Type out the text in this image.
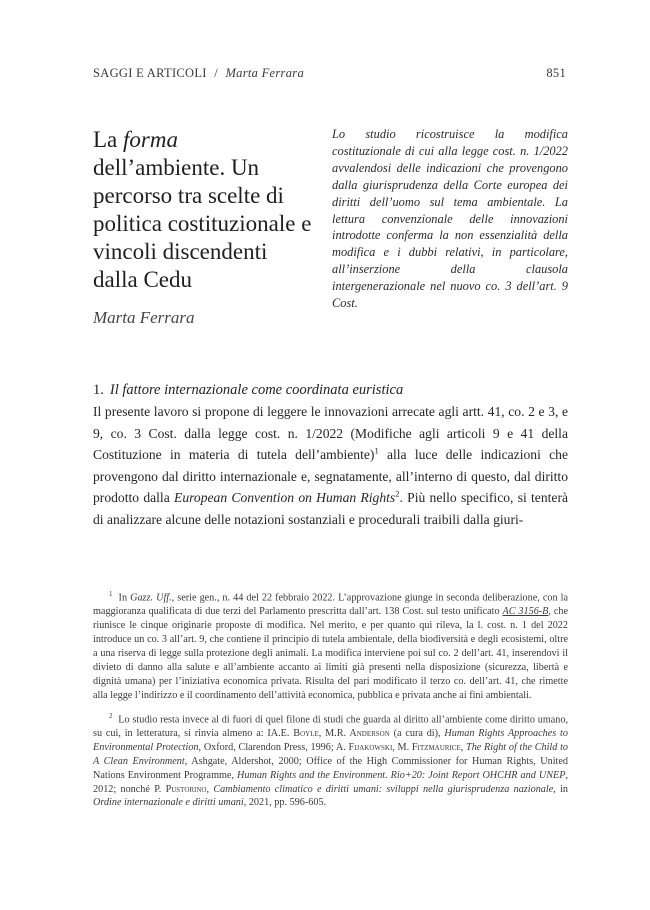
SAGGI E ARTICOLI / Marta Ferrara	851
La forma dell’ambiente. Un percorso tra scelte di politica costituzionale e vincoli discendenti dalla Cedu
Marta Ferrara
Lo studio ricostruisce la modifica costituzionale di cui alla legge cost. n. 1/2022 avvalendosi delle indicazioni che provengono dalla giurisprudenza della Corte europea dei diritti dell’uomo sul tema ambientale. La lettura convenzionale delle innovazioni introdotte conferma la non essenzialità della modifica e i dubbi relativi, in particolare, all’inserzione della clausola intergenerazionale nel nuovo co. 3 dell’art. 9 Cost.
1. Il fattore internazionale come coordinata euristica

Il presente lavoro si propone di leggere le innovazioni arrecate agli artt. 41, co. 2 e 3, e 9, co. 3 Cost. dalla legge cost. n. 1/2022 (Modifiche agli articoli 9 e 41 della Costituzione in materia di tutela dell’ambiente)$^1$ alla luce delle indicazioni che provengono dal diritto internazionale e, segnatamente, all’interno di questo, dal diritto prodotto dalla European Convention on Human Rights$^2$. Più nello specifico, si tenterà di analizzare alcune delle notazioni sostanziali e procedurali traibili dalla giuri-

$^1$ In Gazz. Uff., serie gen., n. 44 del 22 febbraio 2022. L’approvazione giunge in seconda deliberazione, con la maggioranza qualificata di due terzi del Parlamento prescritta dall’art. 138 Cost. sul testo unificato AC 3156-B, che riunisce le cinque originarie proposte di modifica. Nel merito, e per quanto qui rileva, la l. cost. n. 1 del 2022 introduce un co. 3 all’art. 9, che contiene il principio di tutela ambientale, della biodiversità e degli ecosistemi, oltre a una riserva di legge sulla protezione degli animali. La modifica interviene poi sul co. 2 dell’art. 41, inserendovi il divieto di danno alla salute e all’ambiente accanto ai limiti già presenti nella disposizione (sicurezza, libertà e dignità umana) per l’iniziativa economica privata. Risulta del pari modificato il terzo co. dell’art. 41, che rimette alla legge l’indirizzo e il coordinamento dell’attività economica, pubblica e privata anche ai fini ambientali.

$^2$ Lo studio resta invece al di fuori di quel filone di studi che guarda al diritto all’ambiente come diritto umano, su cui, in letteratura, si rinvia almeno a: IA.E. Boyle, M.R. Anderson (a cura di), Human Rights Approaches to Environmental Protection, Oxford, Clarendon Press, 1996; A. Fijakowski, M. Fitzmaurice, The Right of the Child to A Clean Environment, Ashgate, Aldershot, 2000; Office of the High Commissioner for Human Rights, United Nations Environment Programme, Human Rights and the Environment. Rio+20: Joint Report OHCHR and UNEP, 2012; nonché P. Pustorino, Cambiamento climatico e diritti umani: sviluppi nella giurisprudenza nazionale, in Ordine internazionale e diritti umani, 2021, pp. 596-605.
